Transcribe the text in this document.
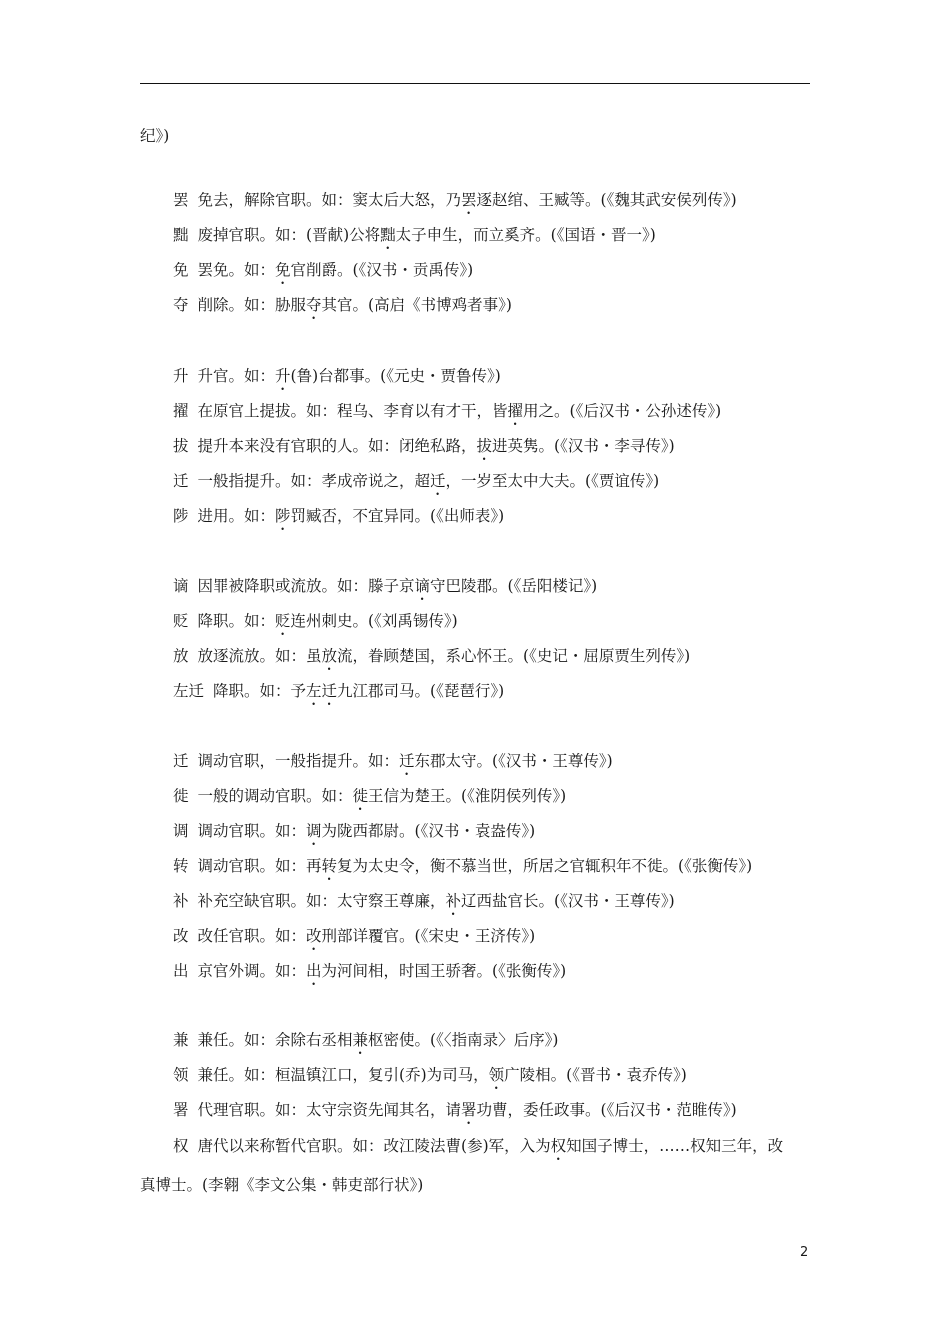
纪》)
罢 免去，解除官职。如：窦太后大怒，乃罢逐赵绾、王臧等。(《魏其武安侯列传》)
黜 废掉官职。如：(晋献)公将黜太子申生，而立奚齐。(《国语・晋一》)
免 罢免。如：免官削爵。(《汉书・贡禹传》)
夺 削除。如：胁服夺其官。(高启《书博鸡者事》)
升 升官。如：升(鲁)台都事。(《元史・贾鲁传》)
擢 在原官上提拔。如：程乌、李育以有才干，皆擢用之。(《后汉书・公孙述传》)
拔 提升本来没有官职的人。如：闭绝私路，拔进英隽。(《汉书・李寻传》)
迁 一般指提升。如：孝成帝说之，超迁，一岁至太中大夫。(《贾谊传》)
陟 进用。如：陟罚臧否，不宜异同。(《出师表》)
谪 因罪被降职或流放。如：滕子京谪守巴陵郡。(《岳阳楼记》)
贬 降职。如：贬连州刺史。(《刘禹锡传》)
放 放逐流放。如：虽放流，眷顾楚国，系心怀王。(《史记・屈原贾生列传》)
左迁 降职。如：予左迁九江郡司马。(《琵琶行》)
迁 调动官职，一般指提升。如：迁东郡太守。(《汉书・王尊传》)
徙 一般的调动官职。如：徙王信为楚王。(《淮阴侯列传》)
调 调动官职。如：调为陇西都尉。(《汉书・袁盎传》)
转 调动官职。如：再转复为太史令，衡不慕当世，所居之官辄积年不徙。(《张衡传》)
补 补充空缺官职。如：太守察王尊廉，补辽西盐官长。(《汉书・王尊传》)
改 改任官职。如：改刑部详覆官。(《宋史・王济传》)
出 京官外调。如：出为河间相，时国王骄奢。(《张衡传》)
兼 兼任。如：余除右丞相兼枢密使。(《〈指南录〉后序》)
领 兼任。如：桓温镇江口，复引(乔)为司马，领广陵相。(《晋书・袁乔传》)
署 代理官职。如：太守宗资先闻其名，请署功曹，委任政事。(《后汉书・范睢传》)
权 唐代以来称暂代官职。如：改江陵法曹(参)军，入为权知国子博士，……权知三年，改
真博士。(李翱《李文公集・韩吏部行状》)
2
